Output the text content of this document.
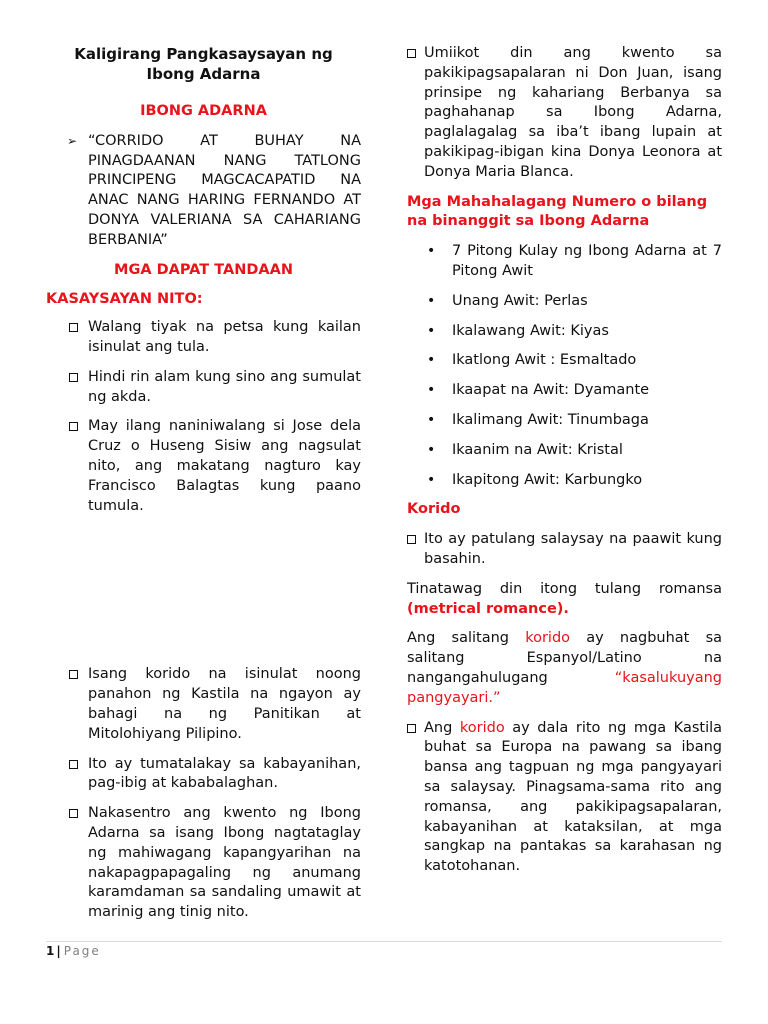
Kaligirang Pangkasaysayan ng Ibong Adarna

IBONG ADARNA

➢ “CORRIDO AT BUHAY NA PINAGDAANAN NANG TATLONG PRINCIPENG MAGCACAPATID NA ANAC NANG HARING FERNANDO AT DONYA VALERIANA SA CAHARIANG BERBANIA”

MGA DAPAT TANDAAN

KASAYSAYAN NITO:

Walang tiyak na petsa kung kailan isinulat ang tula.
Hindi rin alam kung sino ang sumulat ng akda.
May ilang naniniwalang si Jose dela Cruz o Huseng Sisiw ang nagsulat nito, ang makatang nagturo kay Francisco Balagtas kung paano tumula.
Isang korido na isinulat noong panahon ng Kastila na ngayon ay bahagi na ng Panitikan at Mitolohiyang Pilipino.
Ito ay tumatalakay sa kabayanihan, pag-ibig at kababalaghan.
Nakasentro ang kwento ng Ibong Adarna sa isang Ibong nagtataglay ng mahiwagang kapangyarihan na nakapagpapagaling ng anumang karamdaman sa sandaling umawit at marinig ang tinig nito.
Umiikot din ang kwento sa pakikipagsapalaran ni Don Juan, isang prinsipe ng kahariang Berbanya sa paghahanap sa Ibong Adarna, paglalagalag sa iba’t ibang lupain at pakikipag-ibigan kina Donya Leonora at Donya Maria Blanca.

Mga Mahahalagang Numero o bilang na binanggit sa Ibong Adarna

• 7 Pitong Kulay ng Ibong Adarna at 7 Pitong Awit
• Unang Awit: Perlas
• Ikalawang Awit: Kiyas
• Ikatlong Awit : Esmaltado
• Ikaapat na Awit: Dyamante
• Ikalimang Awit: Tinumbaga
• Ikaanim na Awit: Kristal
• Ikapitong Awit: Karbungko

Korido

Ito ay patulang salaysay na paawit kung basahin.

Tinatawag din itong tulang romansa (metrical romance).

Ang salitang korido ay nagbuhat sa salitang Espanyol/Latino na nangangahulugang	“kasalukuyang pangyayari.”

Ang korido ay dala rito ng mga Kastila buhat sa Europa na pawang sa ibang bansa ang tagpuan ng mga pangyayari sa salaysay. Pinagsama-sama rito ang romansa, ang pakikipagsapalaran, kabayanihan at kataksilan, at mga sangkap na pantakas sa karahasan ng katotohanan.
1 | Page
